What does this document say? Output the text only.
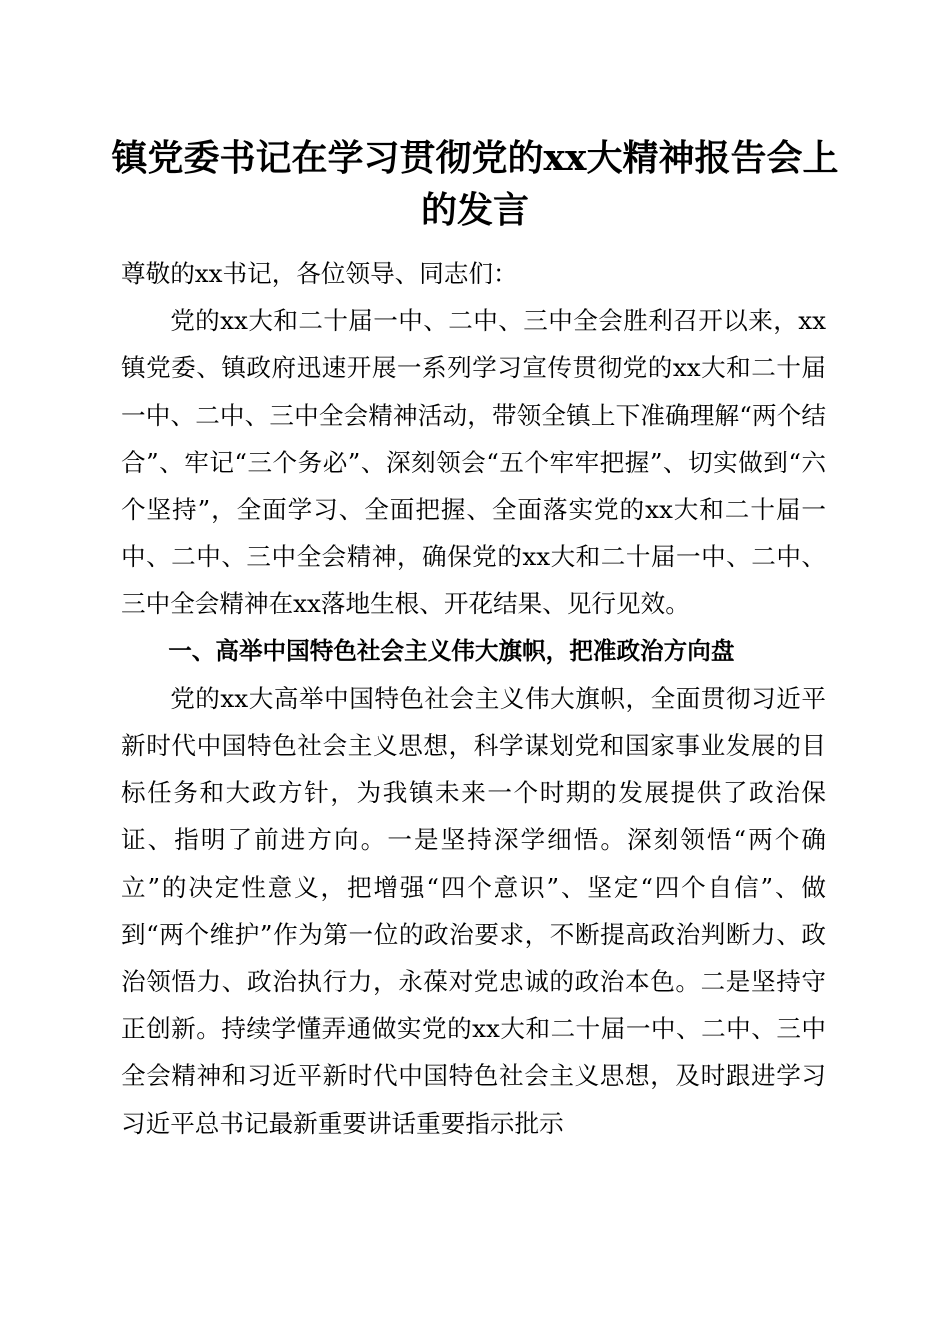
镇党委书记在学习贯彻党的xx大精神报告会上的发言

尊敬的xx书记，各位领导、同志们：

党的xx大和二十届一中、二中、三中全会胜利召开以来，xx镇党委、镇政府迅速开展一系列学习宣传贯彻党的xx大和二十届一中、二中、三中全会精神活动，带领全镇上下准确理解“两个结合”、牢记“三个务必”、深刻领会“五个牢牢把握”、切实做到“六个坚持”，全面学习、全面把握、全面落实党的xx大和二十届一中、二中、三中全会精神，确保党的xx大和二十届一中、二中、三中全会精神在xx落地生根、开花结果、见行见效。

一、高举中国特色社会主义伟大旗帜，把准政治方向盘

党的xx大高举中国特色社会主义伟大旗帜，全面贯彻习近平新时代中国特色社会主义思想，科学谋划党和国家事业发展的目标任务和大政方针，为我镇未来一个时期的发展提供了政治保证、指明了前进方向。一是坚持深学细悟。深刻领悟“两个确立”的决定性意义，把增强“四个意识”、坚定“四个自信”、做到“两个维护”作为第一位的政治要求，不断提高政治判断力、政治领悟力、政治执行力，永葆对党忠诚的政治本色。二是坚持守正创新。持续学懂弄通做实党的xx大和二十届一中、二中、三中全会精神和习近平新时代中国特色社会主义思想，及时跟进学习习近平总书记最新重要讲话重要指示批示
